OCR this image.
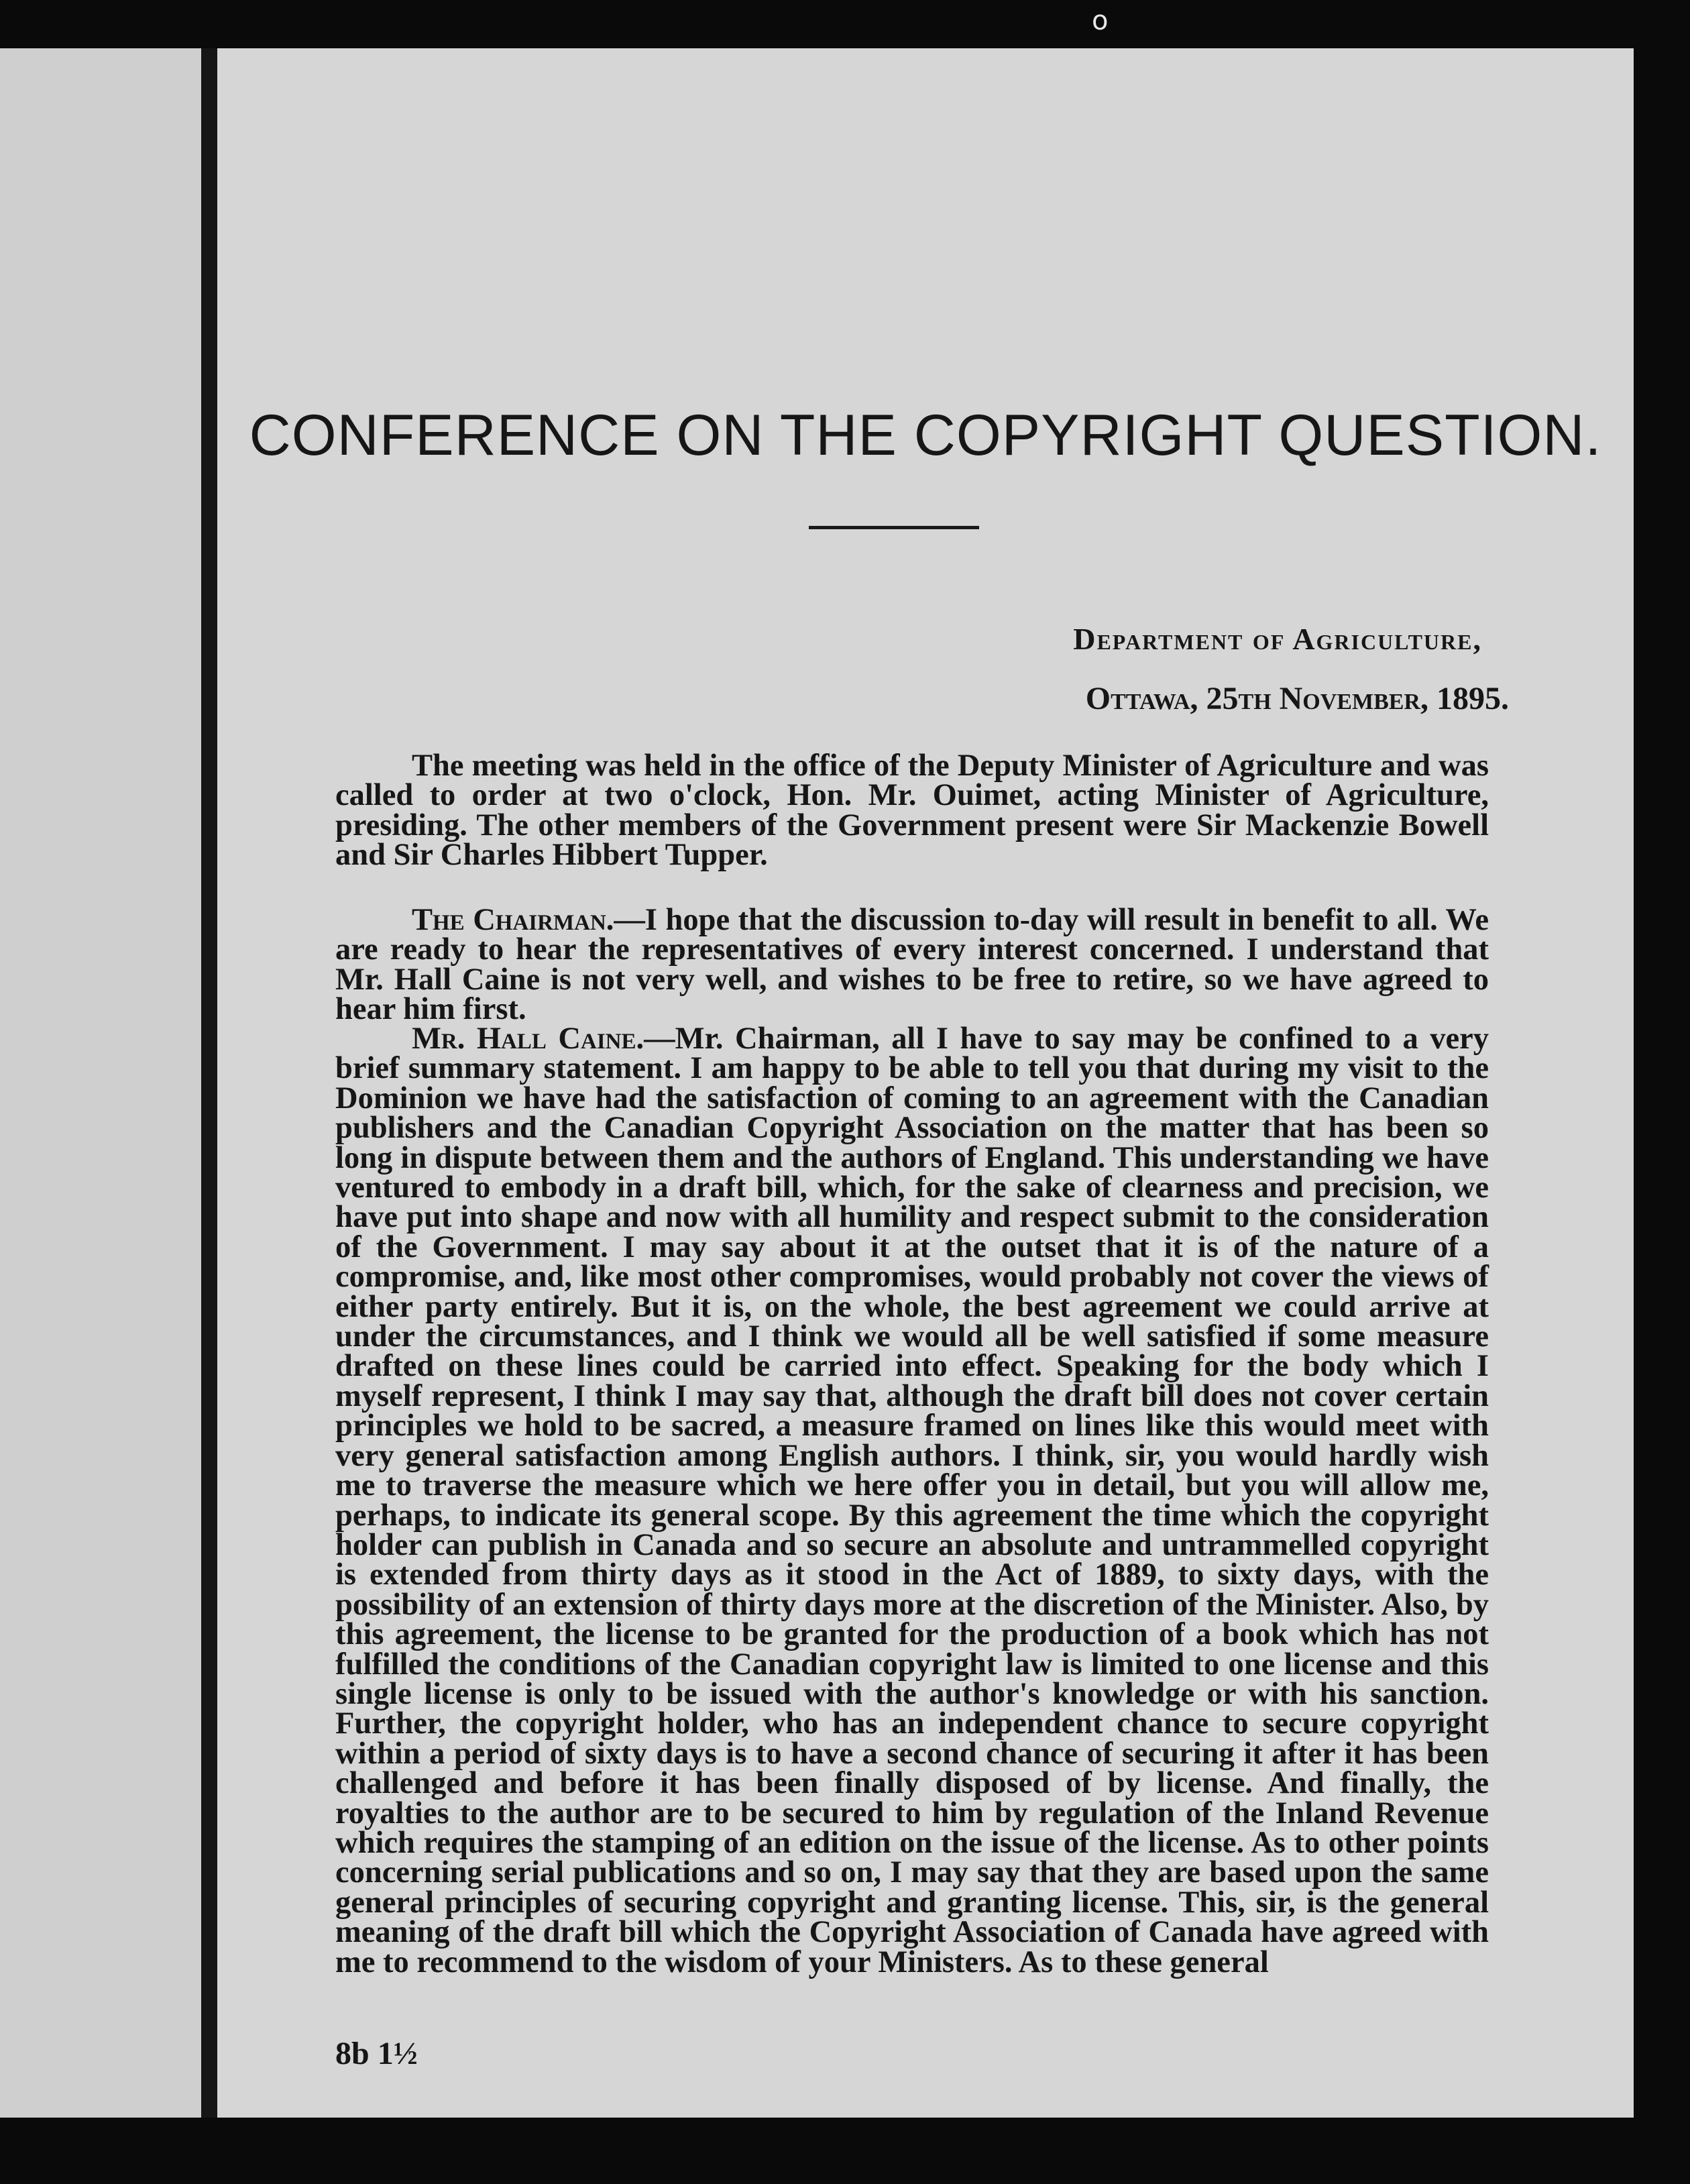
o
CONFERENCE ON THE COPYRIGHT QUESTION.
Department of Agriculture,
Ottawa, 25th November, 1895.

The meeting was held in the office of the Deputy Minister of Agriculture and was called to order at two o'clock, Hon. Mr. Ouimet, acting Minister of Agriculture, presiding. The other members of the Government present were Sir Mackenzie Bowell and Sir Charles Hibbert Tupper.

The Chairman.—I hope that the discussion to-day will result in benefit to all. We are ready to hear the representatives of every interest concerned. I understand that Mr. Hall Caine is not very well, and wishes to be free to retire, so we have agreed to hear him first.

Mr. Hall Caine.—Mr. Chairman, all I have to say may be confined to a very brief summary statement. I am happy to be able to tell you that during my visit to the Dominion we have had the satisfaction of coming to an agreement with the Canadian publishers and the Canadian Copyright Association on the matter that has been so long in dispute between them and the authors of England. This understanding we have ventured to embody in a draft bill, which, for the sake of clearness and precision, we have put into shape and now with all humility and respect submit to the consideration of the Government. I may say about it at the outset that it is of the nature of a compromise, and, like most other compromises, would probably not cover the views of either party entirely. But it is, on the whole, the best agreement we could arrive at under the circumstances, and I think we would all be well satisfied if some measure drafted on these lines could be carried into effect. Speaking for the body which I myself represent, I think I may say that, although the draft bill does not cover certain principles we hold to be sacred, a measure framed on lines like this would meet with very general satisfaction among English authors. I think, sir, you would hardly wish me to traverse the measure which we here offer you in detail, but you will allow me, perhaps, to indicate its general scope. By this agreement the time which the copyright holder can publish in Canada and so secure an absolute and untrammelled copyright is extended from thirty days as it stood in the Act of 1889, to sixty days, with the possibility of an extension of thirty days more at the discretion of the Minister. Also, by this agreement, the license to be granted for the production of a book which has not fulfilled the conditions of the Canadian copyright law is limited to one license and this single license is only to be issued with the author's knowledge or with his sanction. Further, the copyright holder, who has an independent chance to secure copyright within a period of sixty days is to have a second chance of securing it after it has been challenged and before it has been finally disposed of by license. And finally, the royalties to the author are to be secured to him by regulation of the Inland Revenue which requires the stamping of an edition on the issue of the license. As to other points concerning serial publications and so on, I may say that they are based upon the same general principles of securing copyright and granting license. This, sir, is the general meaning of the draft bill which the Copyright Association of Canada have agreed with me to recommend to the wisdom of your Ministers. As to these general

8b 1½
